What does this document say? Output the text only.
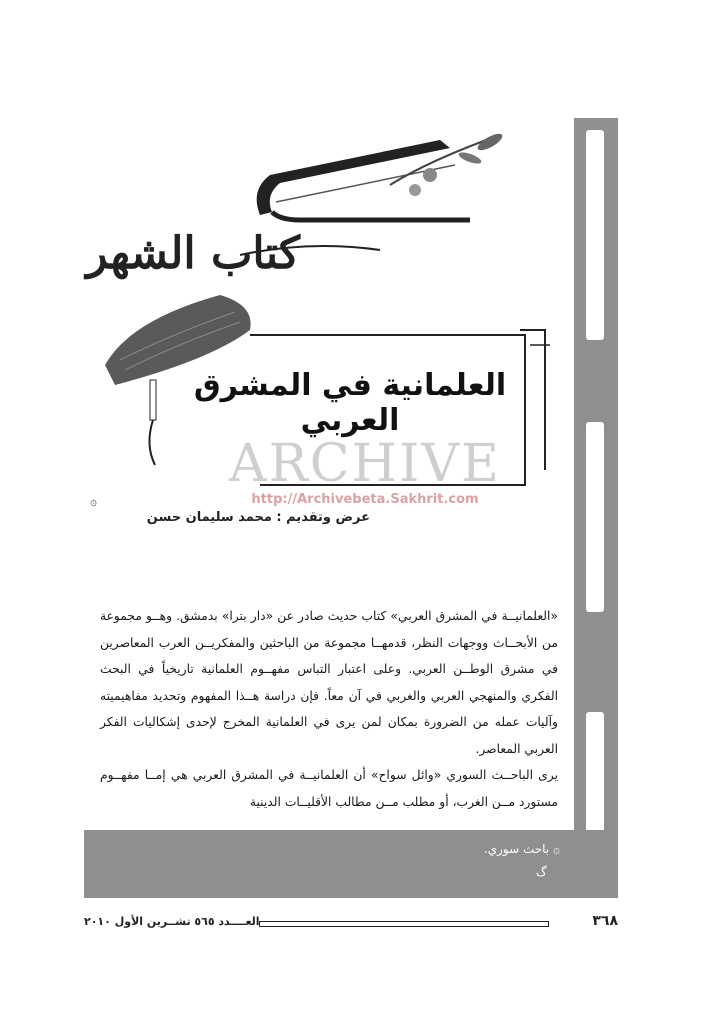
كتاب الشهر
العلمانية في المشرق العربي
۞
عرض وتقديم : محمد سليمان حسن
ARCHIVE
http://Archivebeta.Sakhrit.com

«العلمانيــة في المشرق العربي» كتاب حديث صادر عن «دار بترا» بدمشق. وهــو مجموعة من الأبحــاث ووجهات النظر، قدمهــا مجموعة من الباحثين والمفكريــن العرب المعاصرين في مشرق الوطــن العربي. وعلى اعتبار التباس مفهــوم العلمانية تاريخياً في البحث الفكري والمنهجي العربي والغربي في آن معاً. فإن دراسة هــذا المفهوم وتحديد مفاهيميته وآليات عمله من الضرورة بمكان لمن يرى في العلمانية المخرج لإحدى إشكاليات الفكر العربي المعاصر.

يرى الباحــث السوري «وائل سواح» أن العلمانيــة في المشرق العربي هي إمــا مفهــوم مستورد مــن الغرب، أو مطلب مــن مطالب الأقليــات الدينية

۞ باحث سوري.
ﮒ
العــــدد ٥٦٥ تشــرين الأول ٢٠١٠	٣٦٨
